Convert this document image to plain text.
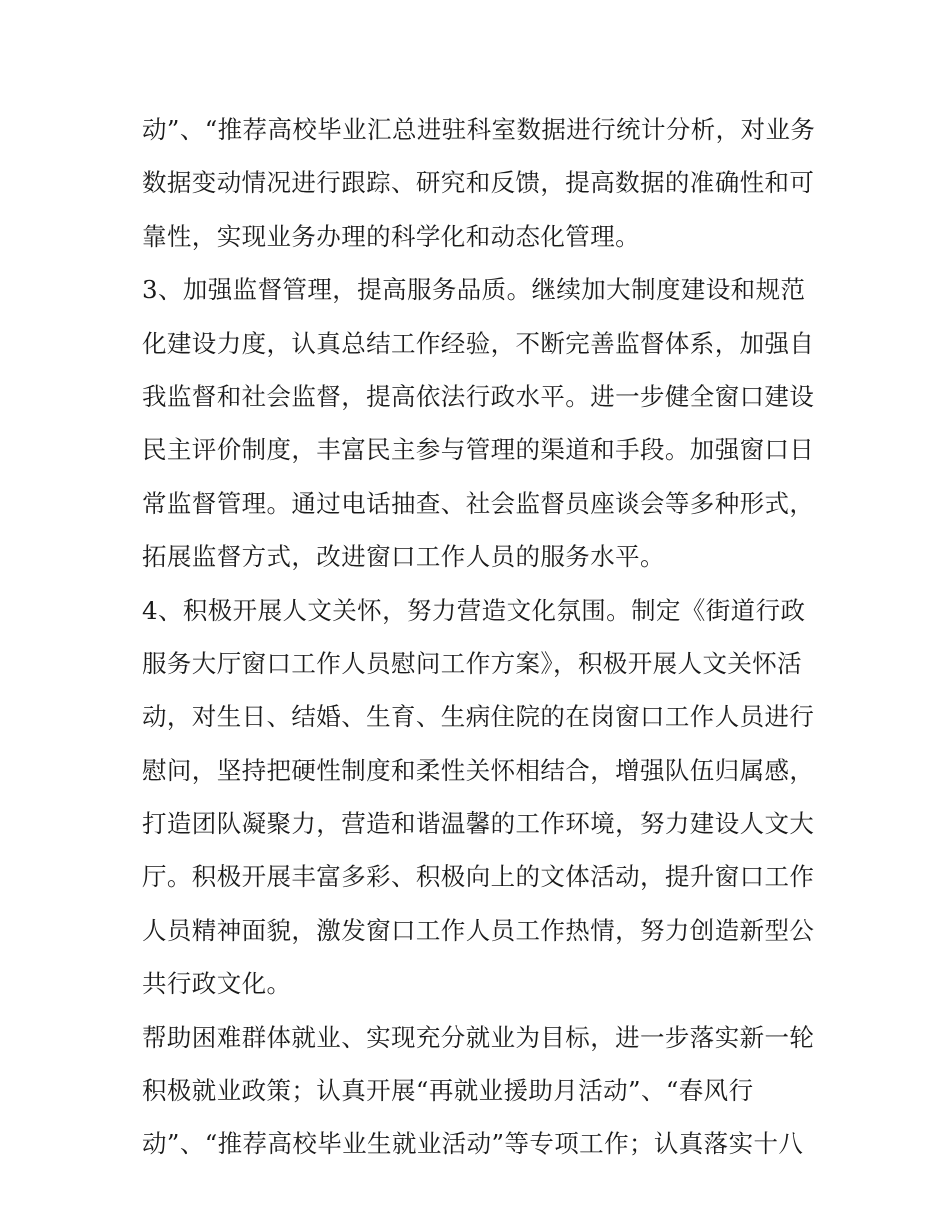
动”、“推荐高校毕业汇总进驻科室数据进行统计分析，对业务
数据变动情况进行跟踪、研究和反馈，提高数据的准确性和可
靠性，实现业务办理的科学化和动态化管理。
3、加强监督管理，提高服务品质。继续加大制度建设和规范
化建设力度，认真总结工作经验，不断完善监督体系，加强自
我监督和社会监督，提高依法行政水平。进一步健全窗口建设
民主评价制度，丰富民主参与管理的渠道和手段。加强窗口日
常监督管理。通过电话抽查、社会监督员座谈会等多种形式，
拓展监督方式，改进窗口工作人员的服务水平。
4、积极开展人文关怀，努力营造文化氛围。制定《街道行政
服务大厅窗口工作人员慰问工作方案》，积极开展人文关怀活
动，对生日、结婚、生育、生病住院的在岗窗口工作人员进行
慰问，坚持把硬性制度和柔性关怀相结合，增强队伍归属感，
打造团队凝聚力，营造和谐温馨的工作环境，努力建设人文大
厅。积极开展丰富多彩、积极向上的文体活动，提升窗口工作
人员精神面貌，激发窗口工作人员工作热情，努力创造新型公
共行政文化。
帮助困难群体就业、实现充分就业为目标，进一步落实新一轮
积极就业政策；认真开展“再就业援助月活动”、“春风行
动”、“推荐高校毕业生就业活动”等专项工作；认真落实十八
